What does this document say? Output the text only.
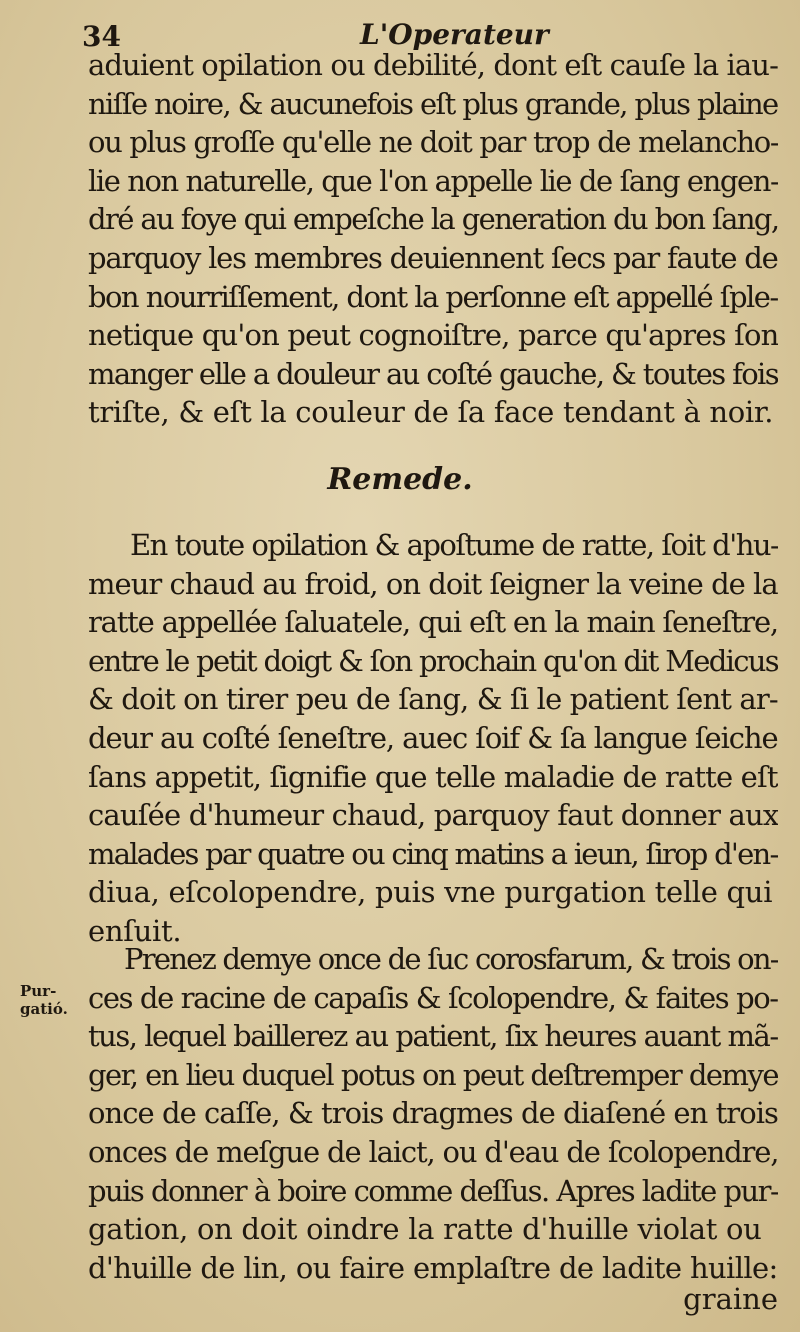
34	L'Operateur
aduient opilation ou debilité, dont eſt cauſe la iau-
niſſe noire, & aucunefois eſt plus grande, plus plaine
ou plus groſſe qu'elle ne doit par trop de melancho-
lie non naturelle, que l'on appelle lie de ſang engen-
dré au foye qui empeſche la generation du bon ſang,
parquoy les membres deuiennent ſecs par faute de
bon nourriſſement, dont la perſonne eſt appellé ſple-
netique qu'on peut cognoiſtre, parce qu'apres ſon
manger elle a douleur au coſté gauche, & toutes fois
triſte, & eſt la couleur de ſa face tendant à noir.
Remede.
En toute opilation & apoſtume de ratte, ſoit d'hu-
meur chaud au froid, on doit ſeigner la veine de la
ratte appellée ſaluatele, qui eſt en la main ſeneſtre,
entre le petit doigt & ſon prochain qu'on dit Medicus
& doit on tirer peu de ſang, & ſi le patient ſent ar-
deur au coſté ſeneſtre, auec ſoif & ſa langue ſeiche
ſans appetit, ſignifie que telle maladie de ratte eſt
cauſée d'humeur chaud, parquoy faut donner aux
malades par quatre ou cinq matins a ieun, ſirop d'en-
diua, eſcolopendre, puis vne purgation telle qui
enſuit.
Pur-
gatió.
Prenez demye once de ſuc corosfarum, & trois on-
ces de racine de capaſis & ſcolopendre, & faites po-
tus, lequel baillerez au patient, ſix heures auant mã-
ger, en lieu duquel potus on peut deſtremper demye
once de caſſe, & trois dragmes de diaſené en trois
onces de meſgue de laict, ou d'eau de ſcolopendre,
puis donner à boire comme deſſus. Apres ladite pur-
gation, on doit oindre la ratte d'huille violat ou
d'huille de lin, ou faire emplaſtre de ladite huille:
graine
